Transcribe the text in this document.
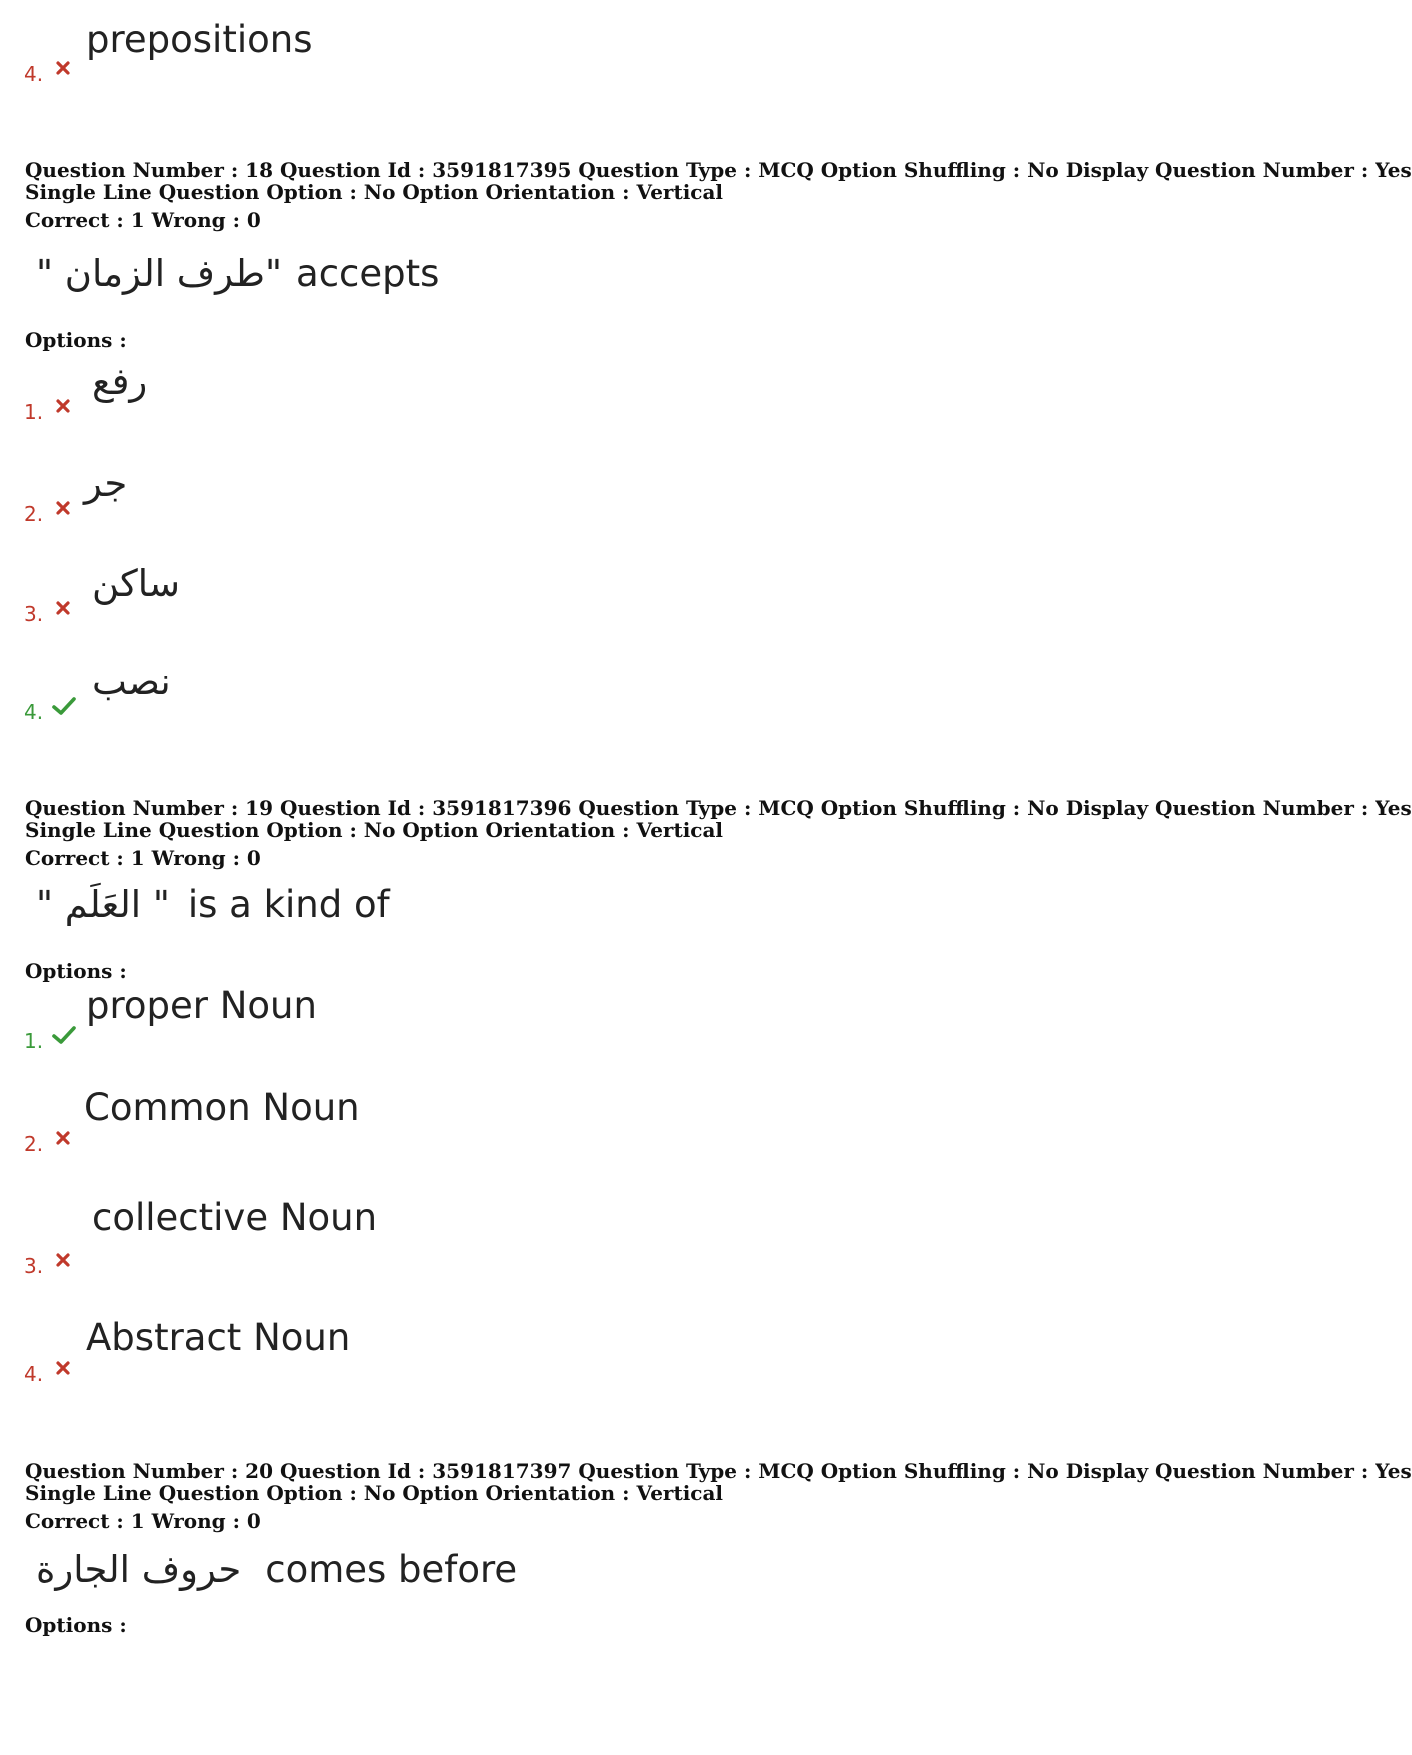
4.
prepositions
Question Number : 18 Question Id : 3591817395 Question Type : MCQ Option Shuffling : No Display Question Number : Yes
Single Line Question Option : No Option Orientation : Vertical
Correct : 1 Wrong : 0
"طرف الزمان " accepts
Options :
1.
رفع
2.
جر
3.
ساكن
4.
نصب
Question Number : 19 Question Id : 3591817396 Question Type : MCQ Option Shuffling : No Display Question Number : Yes
Single Line Question Option : No Option Orientation : Vertical
Correct : 1 Wrong : 0
" العَلَم " is a kind of
Options :
1.
proper Noun
2.
Common Noun
3.
collective Noun
4.
Abstract Noun
Question Number : 20 Question Id : 3591817397 Question Type : MCQ Option Shuffling : No Display Question Number : Yes
Single Line Question Option : No Option Orientation : Vertical
Correct : 1 Wrong : 0
حروف الجارة comes before
Options :
